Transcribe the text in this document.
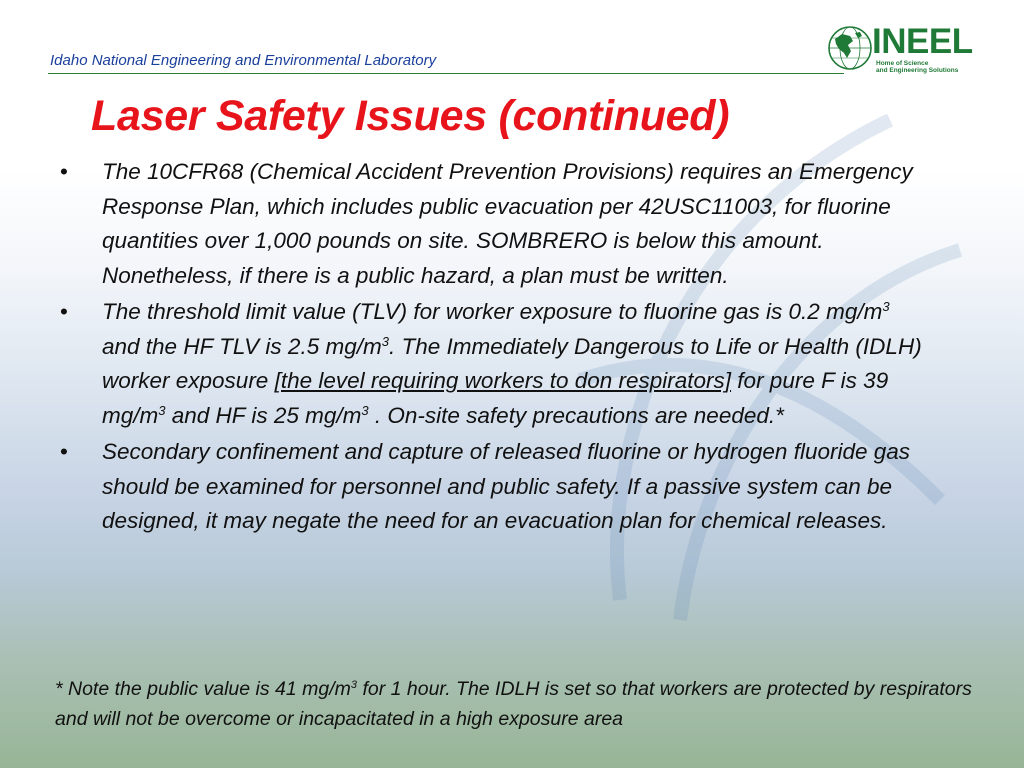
Idaho National Engineering and Environmental Laboratory	INEEL
Home of Science
and Engineering Solutions
Laser Safety Issues (continued)
• The 10CFR68 (Chemical Accident Prevention Provisions) requires an Emergency Response Plan, which includes public evacuation per 42USC11003, for fluorine quantities over 1,000 pounds on site. SOMBRERO is below this amount. Nonetheless, if there is a public hazard, a plan must be written.
• The threshold limit value (TLV) for worker exposure to fluorine gas is 0.2 $mg/m^3$ and the HF TLV is 2.5 $mg/m^3$. The Immediately Dangerous to Life or Health (IDLH) worker exposure [the level requiring workers to don respirators] for pure F is 39 $mg/m^3$ and HF is 25 $mg/m^3$ . On-site safety precautions are needed.*
• Secondary confinement and capture of released fluorine or hydrogen fluoride gas should be examined for personnel and public safety. If a passive system can be designed, it may negate the need for an evacuation plan for chemical releases.

* Note the public value is 41 $mg/m^3$ for 1 hour. The IDLH is set so that workers are protected by respirators and will not be overcome or incapacitated in a high exposure area
